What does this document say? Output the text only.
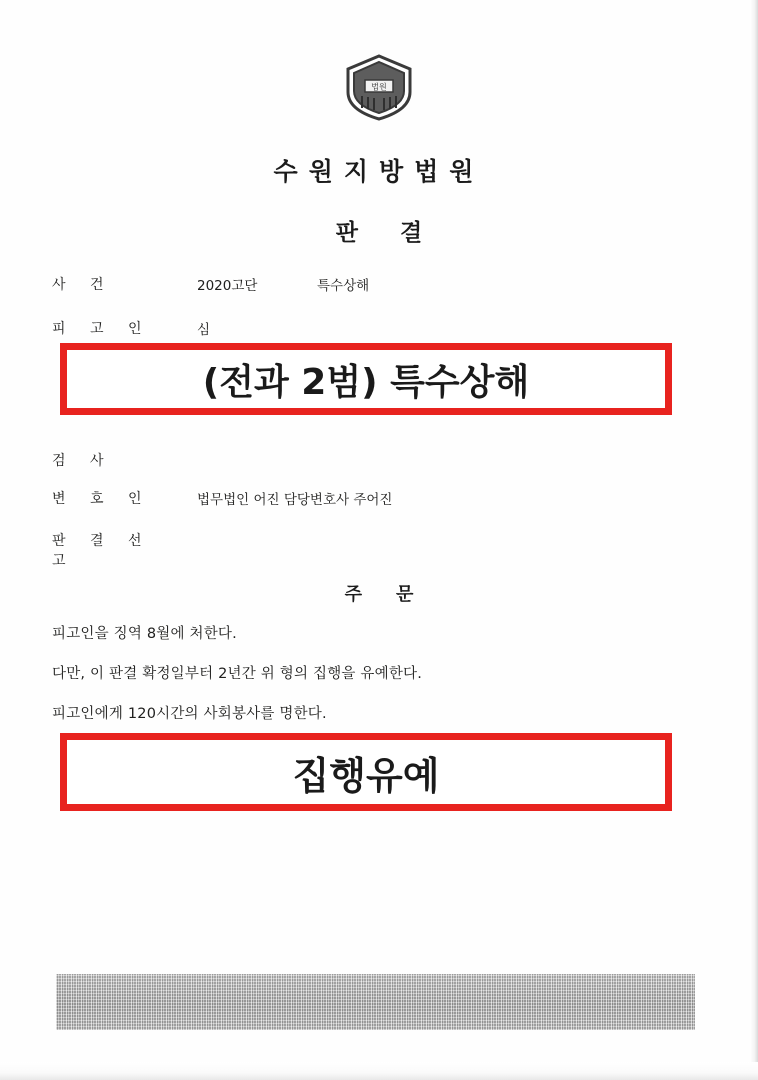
법원
수원지방법원
판결
사 건	2020고단	특수상해
피 고 인	심
검 사
변 호 인	법무법인 어진 담당변호사 주어진
판 결 선 고
주문
피고인을 징역 8월에 처한다.
다만, 이 판결 확정일부터 2년간 위 형의 집행을 유예한다.
피고인에게 120시간의 사회봉사를 명한다.
(전과 2범) 특수상해
집행유예
